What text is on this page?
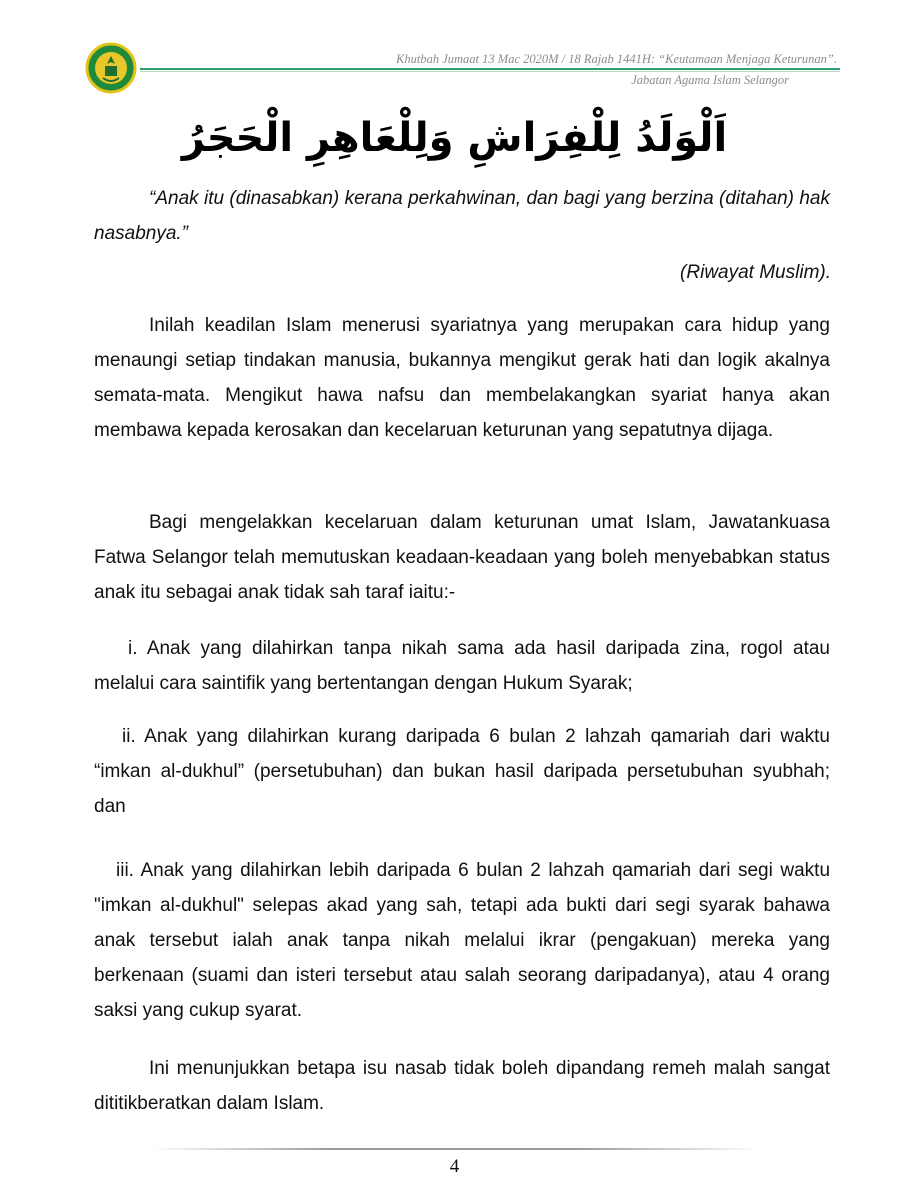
Khutbah Jumaat 13 Mac 2020M / 18 Rajab 1441H: “Keutamaan Menjaga Keturunan”.
Jabatan Agama Islam Selangor
اَلْوَلَدُ لِلْفِرَاشِ وَلِلْعَاهِرِ الْحَجَرُ
“Anak itu (dinasabkan) kerana perkahwinan, dan bagi yang berzina (ditahan) hak nasabnya.”
(Riwayat Muslim).
Inilah keadilan Islam menerusi syariatnya yang merupakan cara hidup yang menaungi setiap tindakan manusia, bukannya mengikut gerak hati dan logik akalnya semata-mata. Mengikut hawa nafsu dan membelakangkan syariat hanya akan membawa kepada kerosakan dan kecelaruan keturunan yang sepatutnya dijaga.
Bagi mengelakkan kecelaruan dalam keturunan umat Islam, Jawatankuasa Fatwa Selangor telah memutuskan keadaan-keadaan yang boleh menyebabkan status anak itu sebagai anak tidak sah taraf iaitu:-
i. Anak yang dilahirkan tanpa nikah sama ada hasil daripada zina, rogol atau melalui cara saintifik yang bertentangan dengan Hukum Syarak;
ii. Anak yang dilahirkan kurang daripada 6 bulan 2 lahzah qamariah dari waktu “imkan al-dukhul” (persetubuhan) dan bukan hasil daripada persetubuhan syubhah; dan
iii. Anak yang dilahirkan lebih daripada 6 bulan 2 lahzah qamariah dari segi waktu "imkan al-dukhul" selepas akad yang sah, tetapi ada bukti dari segi syarak bahawa anak tersebut ialah anak tanpa nikah melalui ikrar (pengakuan) mereka yang berkenaan (suami dan isteri tersebut atau salah seorang daripadanya), atau 4 orang saksi yang cukup syarat.
Ini menunjukkan betapa isu nasab tidak boleh dipandang remeh malah sangat dititikberatkan dalam Islam.
4
